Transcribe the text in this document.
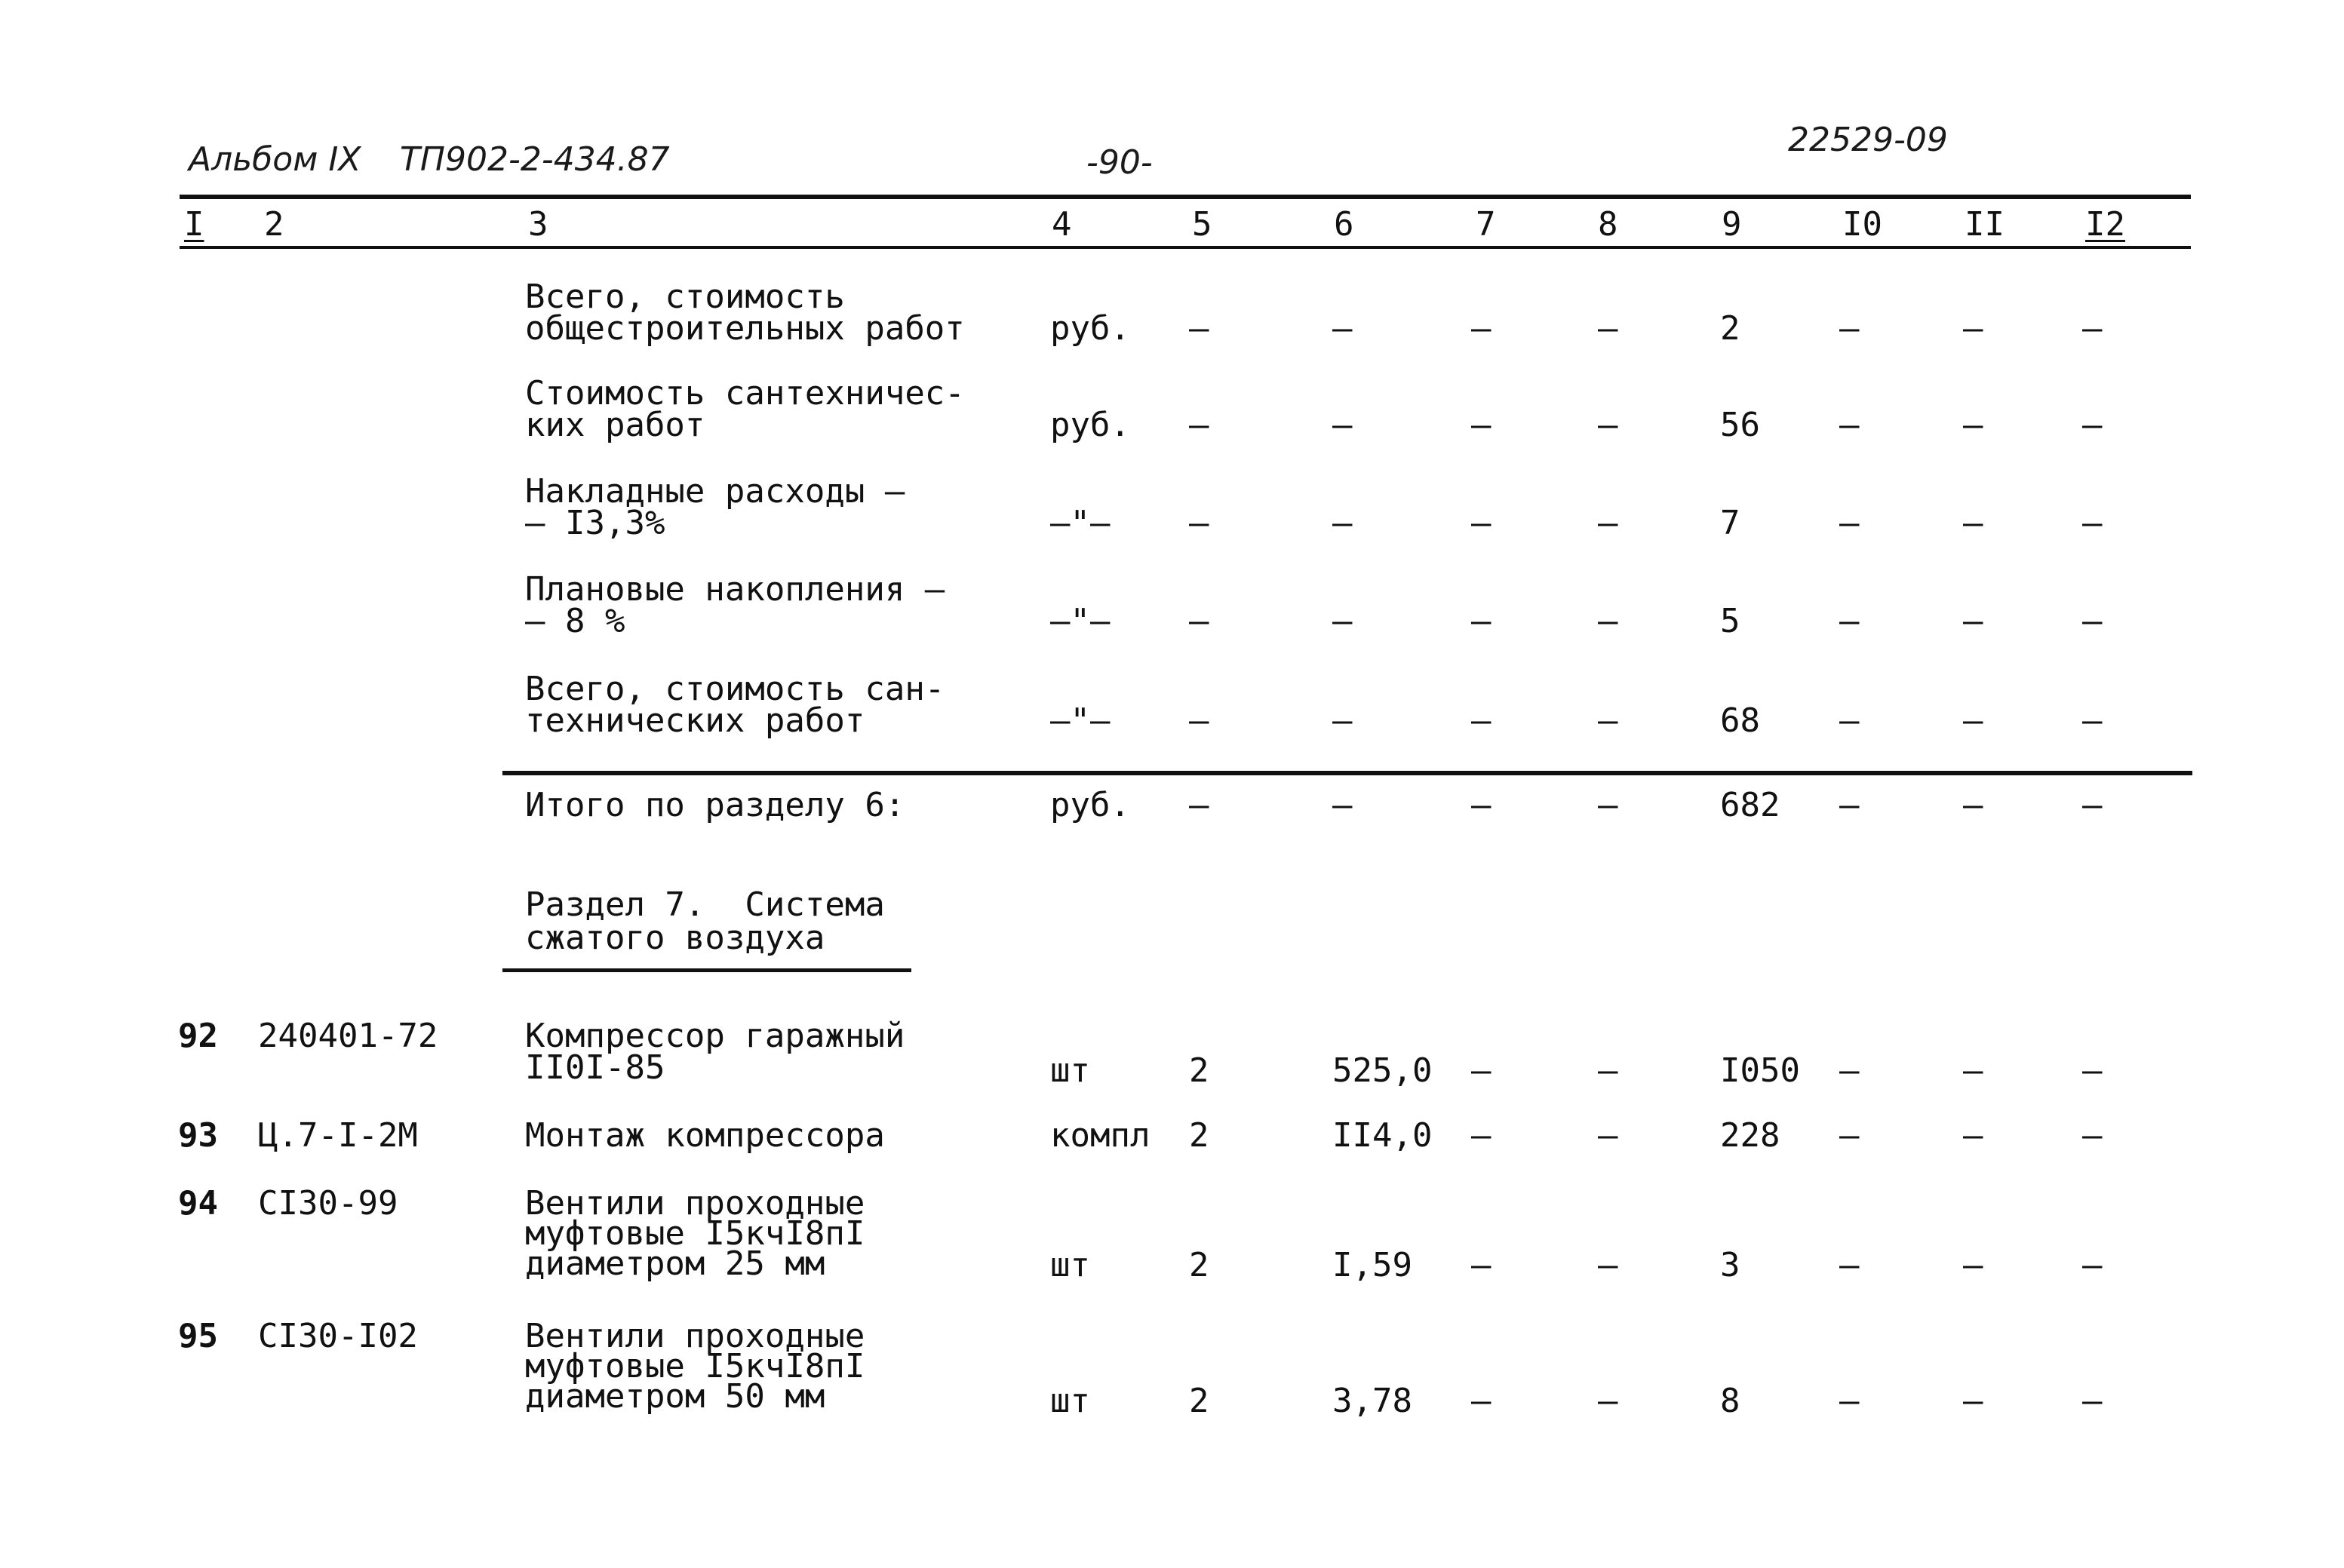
Альбом IX ТП902-2-434.87	-90-
22529-09
I 2	3	4	5	6	7	8	9	I0 II I2
Всего, стоимость
общестроительных работ	руб. –	–	–	–	2	–	–	–
Стоимость сантехничес-
ких работ	руб. –	–	–	–	56 –	–	–
Накладные расходы –
– I3,3%	–"– –	–	–	–	7	–	–	–
Плановые накопления –
– 8 %	–"– –	–	–	–	5	–	–	–
Всего, стоимость сан-
технических работ	–"– –	–	–	–	68 –	–	–
Итого по разделу 6:	руб. –	–	–	–	682 –	–	–
Раздел 7.  Система
сжатого воздуха
92 240401-72	Компрессор гаражный
II0I-85	шт	2	525,0 –	–	I050 –	–	–
93 Ц.7-I-2М	Монтаж компрессора	компл 2	II4,0 –	–	228 –	–	–
94 СI30-99	Вентили проходные
муфтовые I5кчI8пI
диаметром 25 мм	шт	2	I,59 –	–	3	–	–	–
95 СI30-I02	Вентили проходные
муфтовые I5кчI8пI
диаметром 50 мм	шт	2	3,78 –	–	8	–	–	–
